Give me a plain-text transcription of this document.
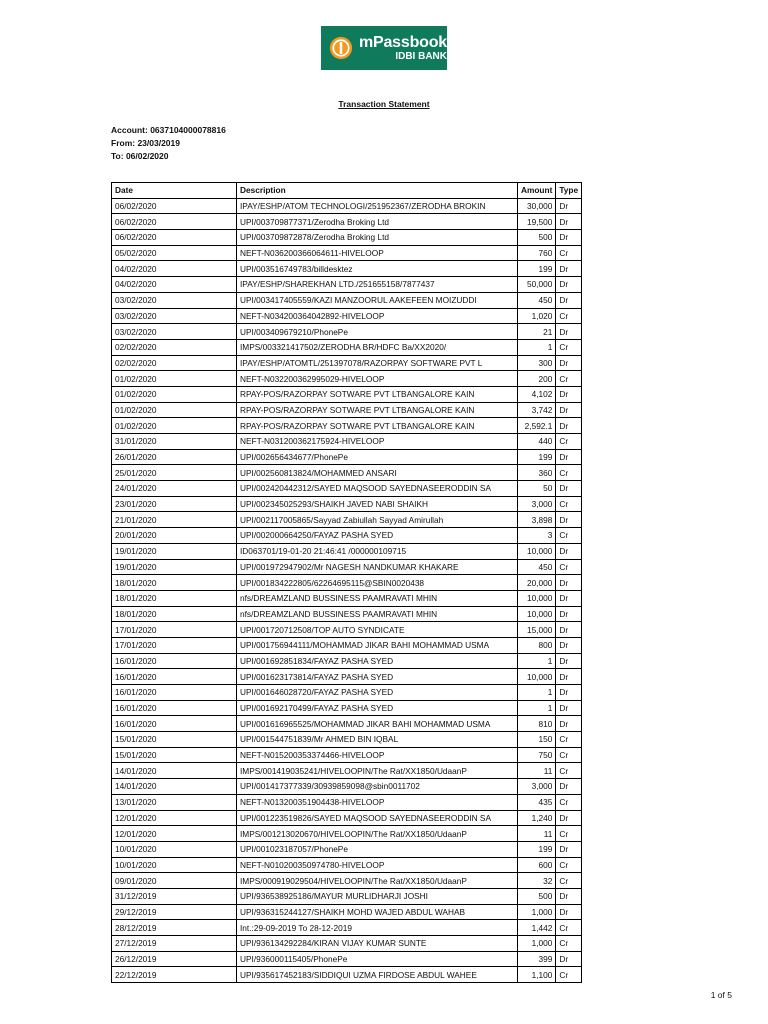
mPassbook
IDBI BANK
Transaction Statement
Account: 0637104000078816
From: 23/03/2019
To: 06/02/2020
Date	Description	Amount	Type
06/02/2020	IPAY/ESHP/ATOM TECHNOLOGI/251952367/ZERODHA BROKIN	30,000	Dr
06/02/2020	UPI/003709877371/Zerodha Broking Ltd	19,500	Dr
06/02/2020	UPI/003709872878/Zerodha Broking Ltd	500	Dr
05/02/2020	NEFT-N036200366064611-HIVELOOP	760	Cr
04/02/2020	UPI/003516749783/billdesktez	199	Dr
04/02/2020	IPAY/ESHP/SHAREKHAN LTD./251655158/7877437	50,000	Dr
03/02/2020	UPI/003417405559/KAZI MANZOORUL AAKEFEEN MOIZUDDI	450	Dr
03/02/2020	NEFT-N034200364042892-HIVELOOP	1,020	Cr
03/02/2020	UPI/003409679210/PhonePe	21	Dr
02/02/2020	IMPS/003321417502/ZERODHA BR/HDFC Ba/XX2020/	1	Cr
02/02/2020	IPAY/ESHP/ATOMTL/251397078/RAZORPAY SOFTWARE PVT L	300	Dr
01/02/2020	NEFT-N032200362995029-HIVELOOP	200	Cr
01/02/2020	RPAY-POS/RAZORPAY SOTWARE PVT LTBANGALORE KAIN	4,102	Dr
01/02/2020	RPAY-POS/RAZORPAY SOTWARE PVT LTBANGALORE KAIN	3,742	Dr
01/02/2020	RPAY-POS/RAZORPAY SOTWARE PVT LTBANGALORE KAIN	2,592.1	Dr
31/01/2020	NEFT-N031200362175924-HIVELOOP	440	Cr
26/01/2020	UPI/002656434677/PhonePe	199	Dr
25/01/2020	UPI/002560813824/MOHAMMED ANSARI	360	Cr
24/01/2020	UPI/002420442312/SAYED MAQSOOD SAYEDNASEERODDIN SA	50	Dr
23/01/2020	UPI/002345025293/SHAIKH JAVED NABI SHAIKH	3,000	Cr
21/01/2020	UPI/002117005865/Sayyad Zabiullah Sayyad Amirullah	3,898	Dr
20/01/2020	UPI/002000664250/FAYAZ PASHA SYED	3	Cr
19/01/2020	ID063701/19-01-20 21:46:41 /000000109715	10,000	Dr
19/01/2020	UPI/001972947902/Mr NAGESH NANDKUMAR KHAKARE	450	Cr
18/01/2020	UPI/001834222805/62264695115@SBIN0020438	20,000	Dr
18/01/2020	nfs/DREAMZLAND BUSSINESS PAAMRAVATI MHIN	10,000	Dr
18/01/2020	nfs/DREAMZLAND BUSSINESS PAAMRAVATI MHIN	10,000	Dr
17/01/2020	UPI/001720712508/TOP AUTO SYNDICATE	15,000	Dr
17/01/2020	UPI/001756944111/MOHAMMAD JIKAR BAHI MOHAMMAD USMA	800	Dr
16/01/2020	UPI/001692851834/FAYAZ PASHA SYED	1	Dr
16/01/2020	UPI/001623173814/FAYAZ PASHA SYED	10,000	Dr
16/01/2020	UPI/001646028720/FAYAZ PASHA SYED	1	Dr
16/01/2020	UPI/001692170499/FAYAZ PASHA SYED	1	Dr
16/01/2020	UPI/001616965525/MOHAMMAD JIKAR BAHI MOHAMMAD USMA	810	Dr
15/01/2020	UPI/001544751839/Mr AHMED BIN IQBAL	150	Cr
15/01/2020	NEFT-N015200353374466-HIVELOOP	750	Cr
14/01/2020	IMPS/001419035241/HIVELOOPIN/The Rat/XX1850/UdaanP	11	Cr
14/01/2020	UPI/001417377339/30939859098@sbin0011702	3,000	Dr
13/01/2020	NEFT-N013200351904438-HIVELOOP	435	Cr
12/01/2020	UPI/001223519826/SAYED MAQSOOD SAYEDNASEERODDIN SA	1,240	Dr
12/01/2020	IMPS/001213020670/HIVELOOPIN/The Rat/XX1850/UdaanP	11	Cr
10/01/2020	UPI/001023187057/PhonePe	199	Dr
10/01/2020	NEFT-N010200350974780-HIVELOOP	600	Cr
09/01/2020	IMPS/000919029504/HIVELOOPIN/The Rat/XX1850/UdaanP	32	Cr
31/12/2019	UPI/936538925186/MAYUR MURLIDHARJI JOSHI	500	Dr
29/12/2019	UPI/936315244127/SHAIKH MOHD WAJED ABDUL WAHAB	1,000	Dr
28/12/2019	Int.:29-09-2019 To 28-12-2019	1,442	Cr
27/12/2019	UPI/936134292284/KIRAN VIJAY KUMAR SUNTE	1,000	Cr
26/12/2019	UPI/936000115405/PhonePe	399	Dr
22/12/2019	UPI/935617452183/SIDDIQUI UZMA FIRDOSE ABDUL WAHEE	1,100	Cr
1 of 5
